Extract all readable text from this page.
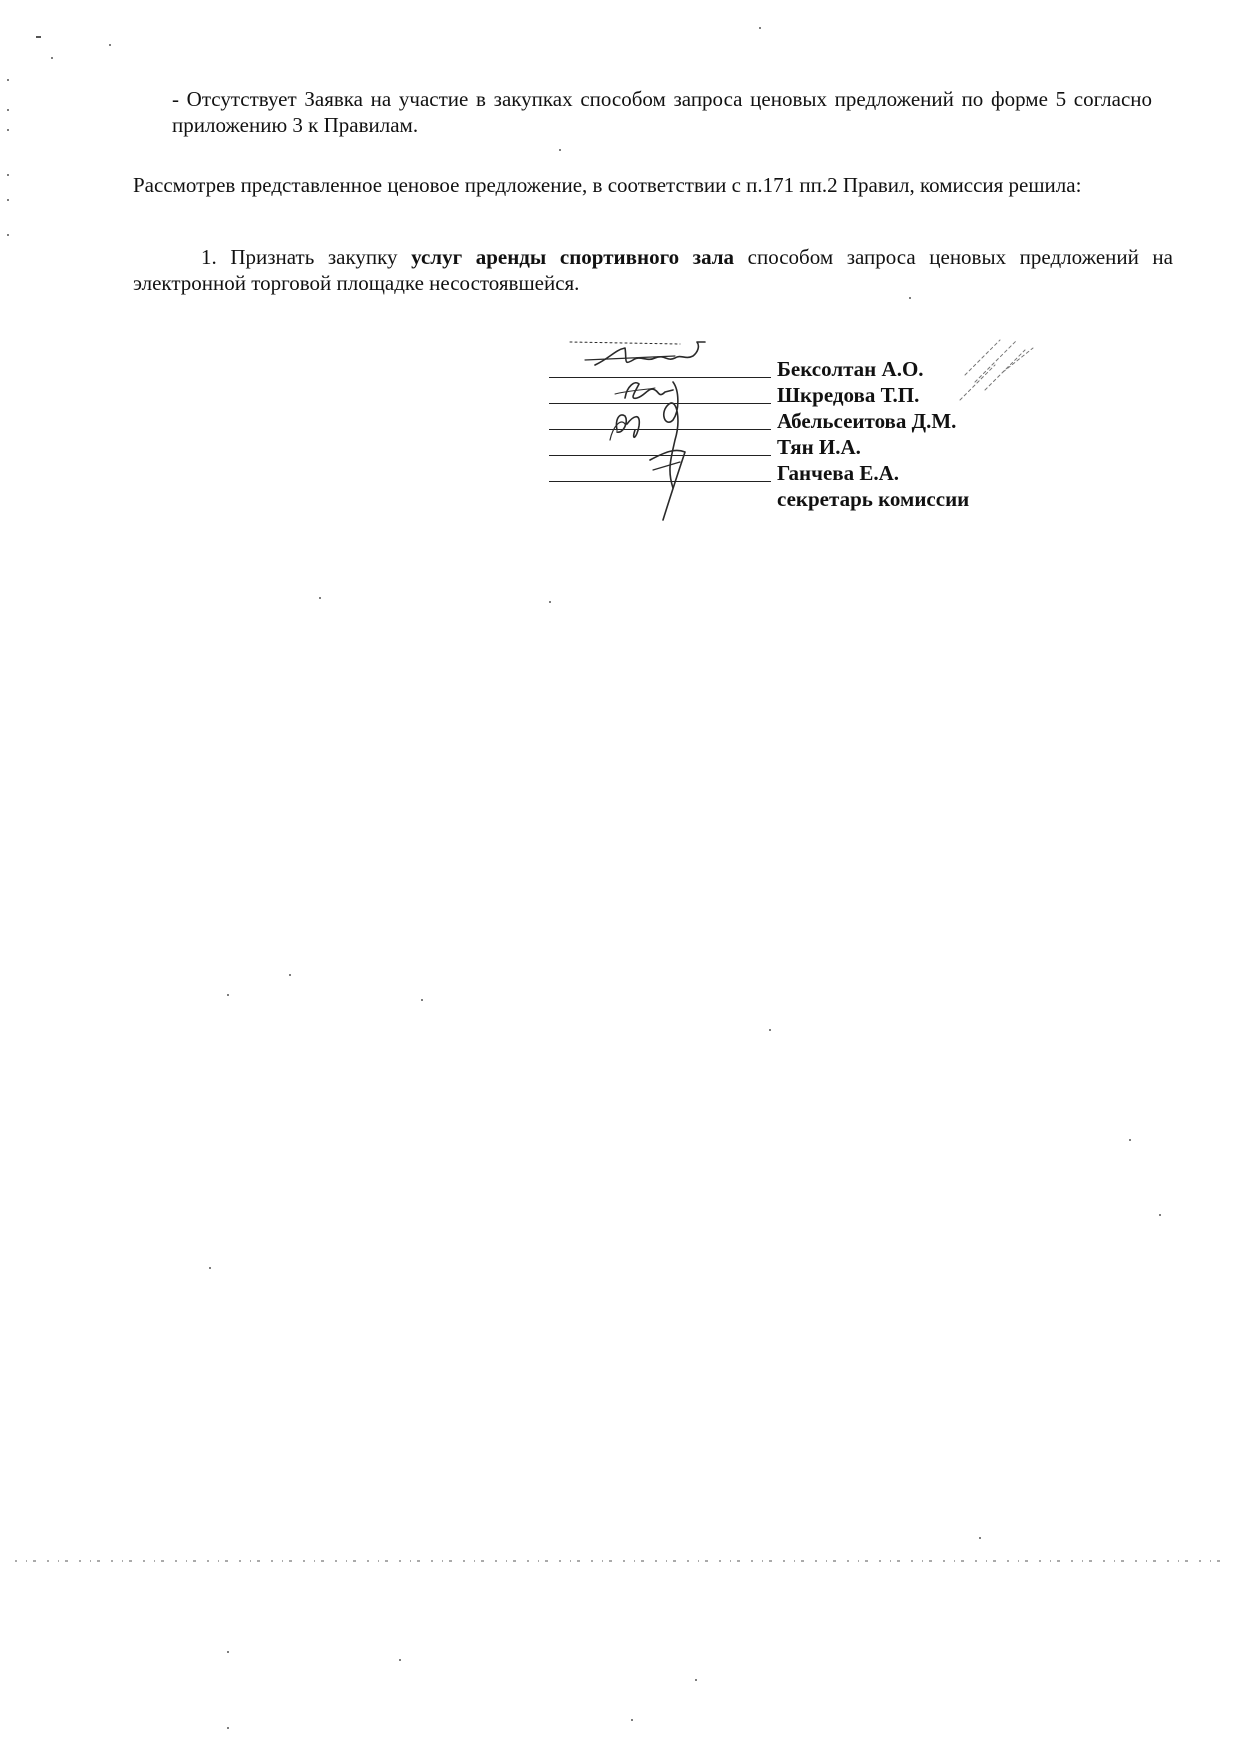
- Отсутствует Заявка на участие в закупках способом запроса ценовых предложений по форме 5 согласно приложению 3 к Правилам.
Рассмотрев представленное ценовое предложение, в соответствии с п.171 пп.2 Правил, комиссия решила:
1. Признать закупку услуг аренды спортивного зала способом запроса ценовых предложений на электронной торговой площадке несостоявшейся.
Бексолтан А.О.
Шкредова Т.П.
Абельсеитова Д.М.
Тян И.А.
Ганчева Е.А.
секретарь комиссии
